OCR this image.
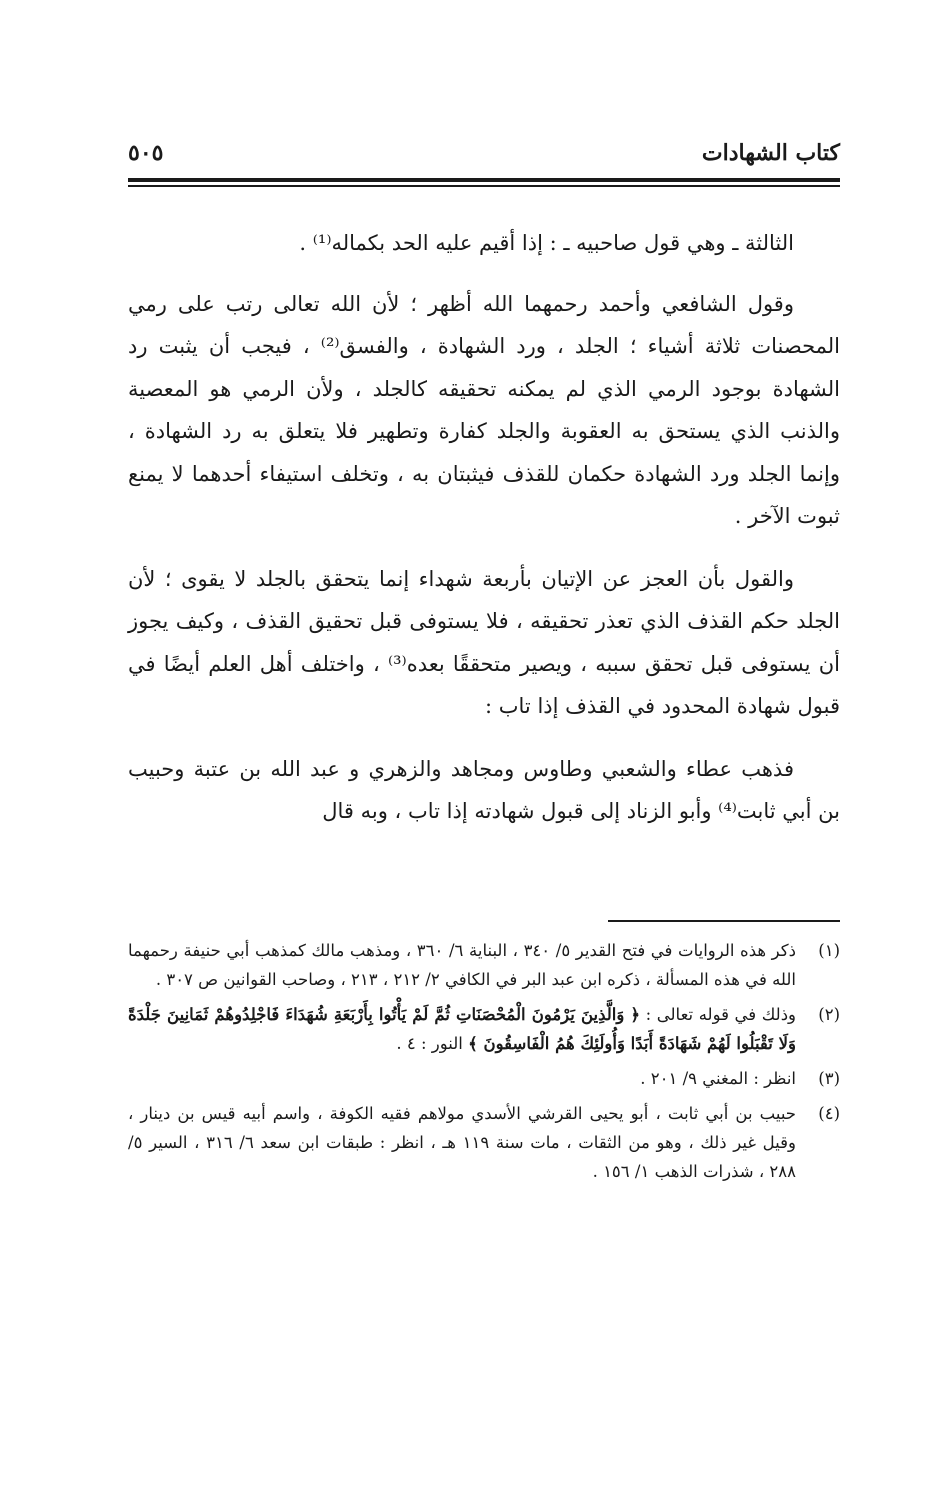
كتاب الشهادات
٥٠٥

الثالثة ـ وهي قول صاحبيه ـ : إذا أقيم عليه الحد بكماله⁽¹⁾ .

وقول الشافعي وأحمد رحمهما الله أظهر ؛ لأن الله تعالى رتب على رمي المحصنات ثلاثة أشياء ؛ الجلد ، ورد الشهادة ، والفسق⁽²⁾ ، فيجب أن يثبت رد الشهادة بوجود الرمي الذي لم يمكنه تحقيقه كالجلد ، ولأن الرمي هو المعصية والذنب الذي يستحق به العقوبة والجلد كفارة وتطهير فلا يتعلق به رد الشهادة ، وإنما الجلد ورد الشهادة حكمان للقذف فيثبتان به ، وتخلف استيفاء أحدهما لا يمنع ثبوت الآخر .

والقول بأن العجز عن الإتيان بأربعة شهداء إنما يتحقق بالجلد لا يقوى ؛ لأن الجلد حكم القذف الذي تعذر تحقيقه ، فلا يستوفى قبل تحقيق القذف ، وكيف يجوز أن يستوفى قبل تحقق سببه ، ويصير متحققًا بعده⁽³⁾ ، واختلف أهل العلم أيضًا في قبول شهادة المحدود في القذف إذا تاب :

فذهب عطاء والشعبي وطاوس ومجاهد والزهري و عبد الله بن عتبة وحبيب بن أبي ثابت⁽⁴⁾ وأبو الزناد إلى قبول شهادته إذا تاب ، وبه قال

(١)
ذكر هذه الروايات في فتح القدير ٥/ ٣٤٠ ، البناية ٦/ ٣٦٠ ، ومذهب مالك كمذهب أبي حنيفة رحمهما الله في هذه المسألة ، ذكره ابن عبد البر في الكافي ٢/ ٢١٢ ، ٢١٣ ، وصاحب القوانين ص ٣٠٧ .
(٢)
وذلك في قوله تعالى : ﴿ وَالَّذِينَ يَرْمُونَ الْمُحْصَنَاتِ ثُمَّ لَمْ يَأْتُوا بِأَرْبَعَةِ شُهَدَاءَ فَاجْلِدُوهُمْ ثَمَانِينَ جَلْدَةً وَلَا تَقْبَلُوا لَهُمْ شَهَادَةً أَبَدًا وَأُولَئِكَ هُمُ الْفَاسِقُونَ ﴾ النور : ٤ .
(٣)
انظر : المغني ٩/ ٢٠١ .
(٤)
حبيب بن أبي ثابت ، أبو يحيى القرشي الأسدي مولاهم فقيه الكوفة ، واسم أبيه قيس بن دينار ، وقيل غير ذلك ، وهو من الثقات ، مات سنة ١١٩ هـ ، انظر : طبقات ابن سعد ٦/ ٣١٦ ، السير ٥/ ٢٨٨ ، شذرات الذهب ١/ ١٥٦ .
